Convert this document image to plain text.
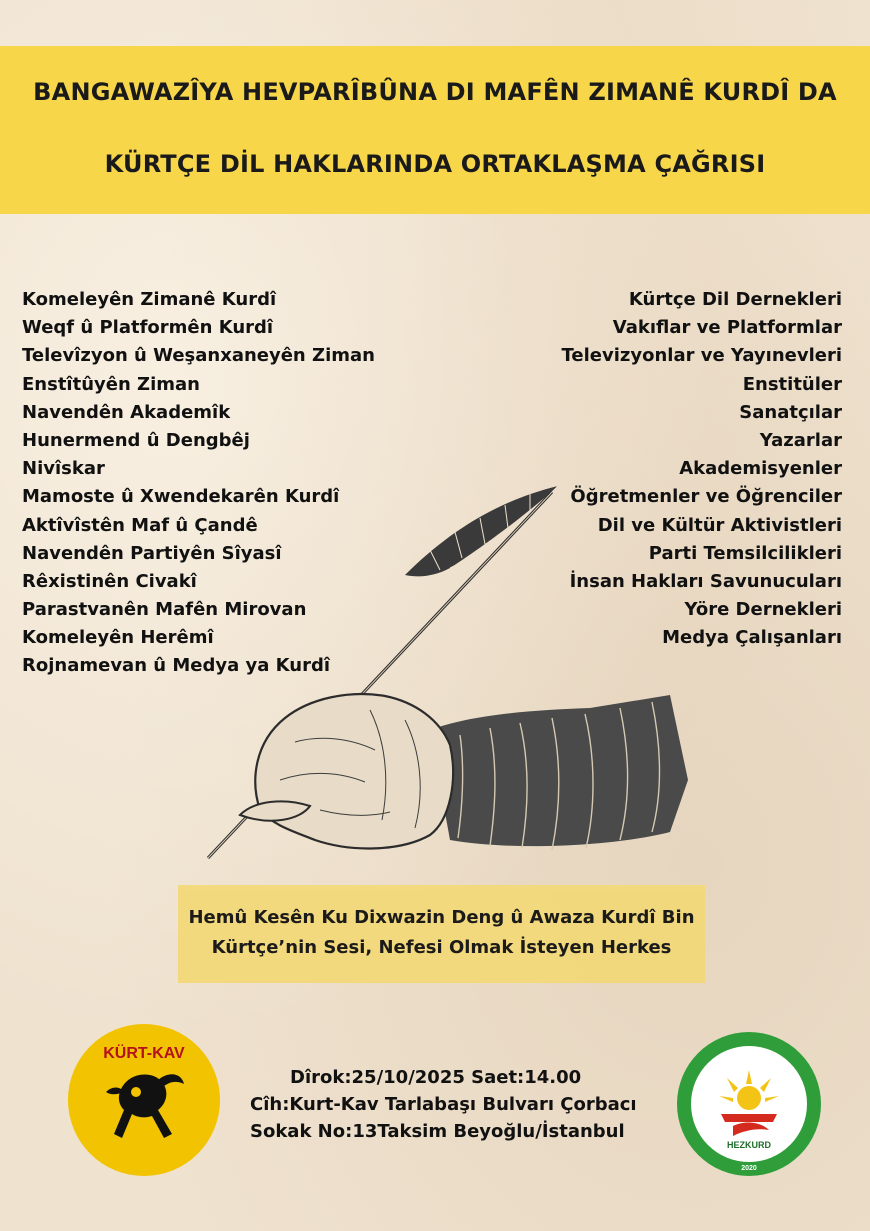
BANGAWAZÎYA HEVPARÎBÛNA DI MAFÊN ZIMANÊ KURDÎ DA
KÜRTÇE DİL HAKLARINDA ORTAKLAŞMA ÇAĞRISI
Komeleyên Zimanê Kurdî
Weqf û Platformên Kurdî
Televîzyon û Weşanxaneyên Ziman
Enstîtûyên Ziman
Navendên Akademîk
Hunermend û Dengbêj
Nivîskar
Mamoste û Xwendekarên Kurdî
Aktîvîstên Maf û Çandê
Navendên Partiyên Sîyasî
Rêxistinên Civakî
Parastvanên Mafên Mirovan
Komeleyên Herêmî
Rojnamevan û Medya ya Kurdî
Kürtçe Dil Dernekleri
Vakıflar ve Platformlar
Televizyonlar ve Yayınevleri
Enstitüler
Sanatçılar
Yazarlar
Akademisyenler
Öğretmenler ve Öğrenciler
Dil ve Kültür Aktivistleri
Parti Temsilcilikleri
İnsan Hakları Savunucuları
Yöre Dernekleri
Medya Çalışanları
Hemû Kesên Ku Dixwazin Deng û Awaza Kurdî Bin
Kürtçe’nin Sesi, Nefesi Olmak İsteyen Herkes
KÜRT-KAV
HEZKURD
2020
Dîrok:25/10/2025 Saet:14.00
Cîh:Kurt-Kav Tarlabaşı Bulvarı Çorbacı
Sokak No:13Taksim Beyoğlu/İstanbul
